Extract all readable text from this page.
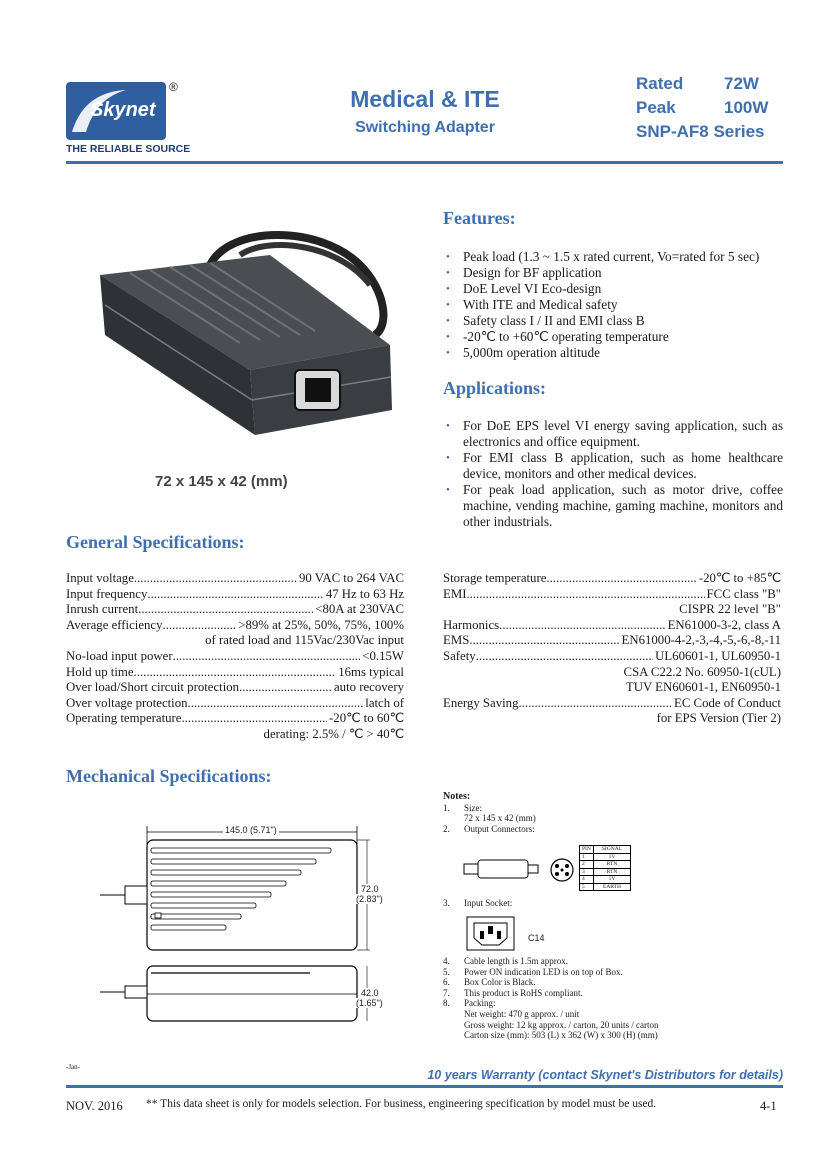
Skynet
®
THE RELIABLE SOURCE
Medical & ITE
Switching Adapter
Rated 72W
Peak	100W
SNP-AF8 Series
72 x 145 x 42 (mm)
Features:
• Peak load (1.3 ~ 1.5 x rated current, Vo=rated for 5 sec)
• Design for BF application
• DoE Level VI Eco-design
• With ITE and Medical safety
• Safety class I / II and EMI class B
• -20℃ to +60℃ operating temperature
• 5,000m operation altitude
Applications:
• For DoE EPS level VI energy saving application, such as electronics and office equipment.
• For EMI class B application, such as home healthcare device, monitors and other medical devices.
• For peak load application, such as motor drive, coffee machine, vending machine, gaming machine, monitors and other industrials.
General Specifications:
Input voltage . . .	90 VAC to 264 VAC
Input frequency . . .	47 Hz to 63 Hz
Inrush current . . .	<80A at 230VAC
Average efficiency . . .	>89% at 25%, 50%, 75%, 100%
of rated load and 115Vac/230Vac input
No-load input power . . .	<0.15W
Hold up time . . .	16ms typical
Over load/Short circuit protection . . .	auto recovery
Over voltage protection . . .	latch of
Operating temperature . . .	-20℃ to 60℃
derating: 2.5% / ℃ > 40℃
Storage temperature . . .	-20℃ to +85℃
EMI . . .	FCC class "B"
CISPR 22 level "B"
Harmonics . . .	EN61000-3-2, class A
EMS . . .	EN61000-4-2,-3,-4,-5,-6,-8,-11
Safety . . .	UL60601-1, UL60950-1
CSA C22.2 No. 60950-1(cUL)
TUV EN60601-1, EN60950-1
Energy Saving . . .	EC Code of Conduct
for EPS Version (Tier 2)
Mechanical Specifications:
145.0 (5.71")
72.0
(2.83")
42.0
(1.65")
Notes:
1. Size:
72 x 145 x 42 (mm)
2. Output Connectors:
PIN	SIGNAL
1	1V
2	RTN
3	RTN
4	1V
5	EARTH
3. Input Socket:
C14
4. Cable length is 1.5m approx.
5. Power ON indication LED is on top of Box.
6. Box Color is Black.
7. This product is RoHS compliant.
8. Packing:
Net weight: 470 g approx. / unit
Gross weight: 12 kg approx. / carton, 20 units / carton
Carton size (mm): 503 (L) x 362 (W) x 300 (H) (mm)
-Jan-
10 years Warranty (contact Skynet's Distributors for details)
NOV. 2016 ** This data sheet is only for models selection. For business, engineering specification by model must be used.	4-1
